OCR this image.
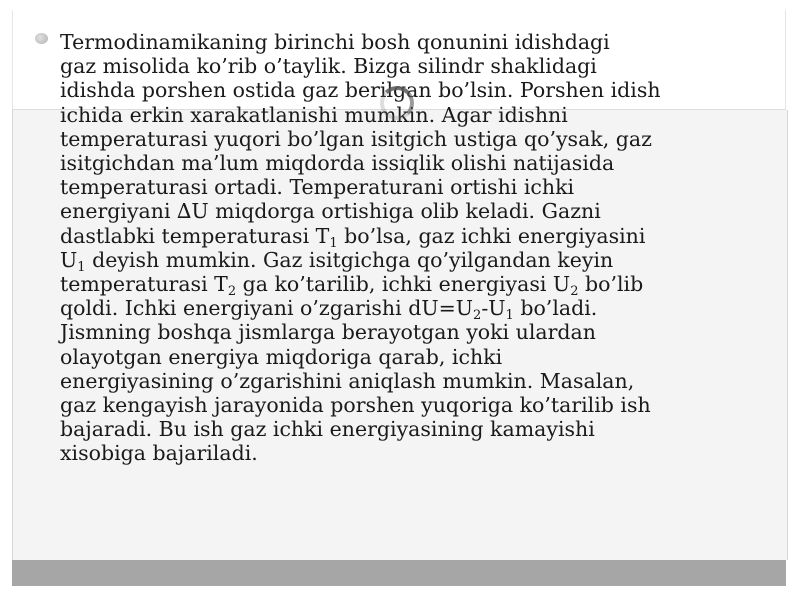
Termodinamikaning birinchi bosh qonunini idishdagi
gaz misolida ko’rib o’taylik. Bizga silindr shaklidagi
idishda porshen ostida gaz berilgan bo’lsin. Porshen idish
ichida erkin xarakatlanishi mumkin. Agar idishni
temperaturasi yuqori bo’lgan isitgich ustiga qo’ysak, gaz
isitgichdan ma’lum miqdorda issiqlik olishi natijasida
temperaturasi ortadi. Temperaturani ortishi ichki
energiyani ∆U miqdorga ortishiga olib keladi. Gazni
dastlabki temperaturasi $T_1$ bo’lsa, gaz ichki energiyasini
$U_1$ deyish mumkin. Gaz isitgichga qo’yilgandan keyin
temperaturasi $T_2$ ga ko’tarilib, ichki energiyasi $U_2$ bo’lib
qoldi. Ichki energiyani o’zgarishi $dU=U_2-U_1$ bo’ladi.
Jismning boshqa jismlarga berayotgan yoki ulardan
olayotgan energiya miqdoriga qarab, ichki
energiyasining o’zgarishini aniqlash mumkin. Masalan,
gaz kengayish jarayonida porshen yuqoriga ko’tarilib ish
bajaradi. Bu ish gaz ichki energiyasining kamayishi
xisobiga bajariladi.
